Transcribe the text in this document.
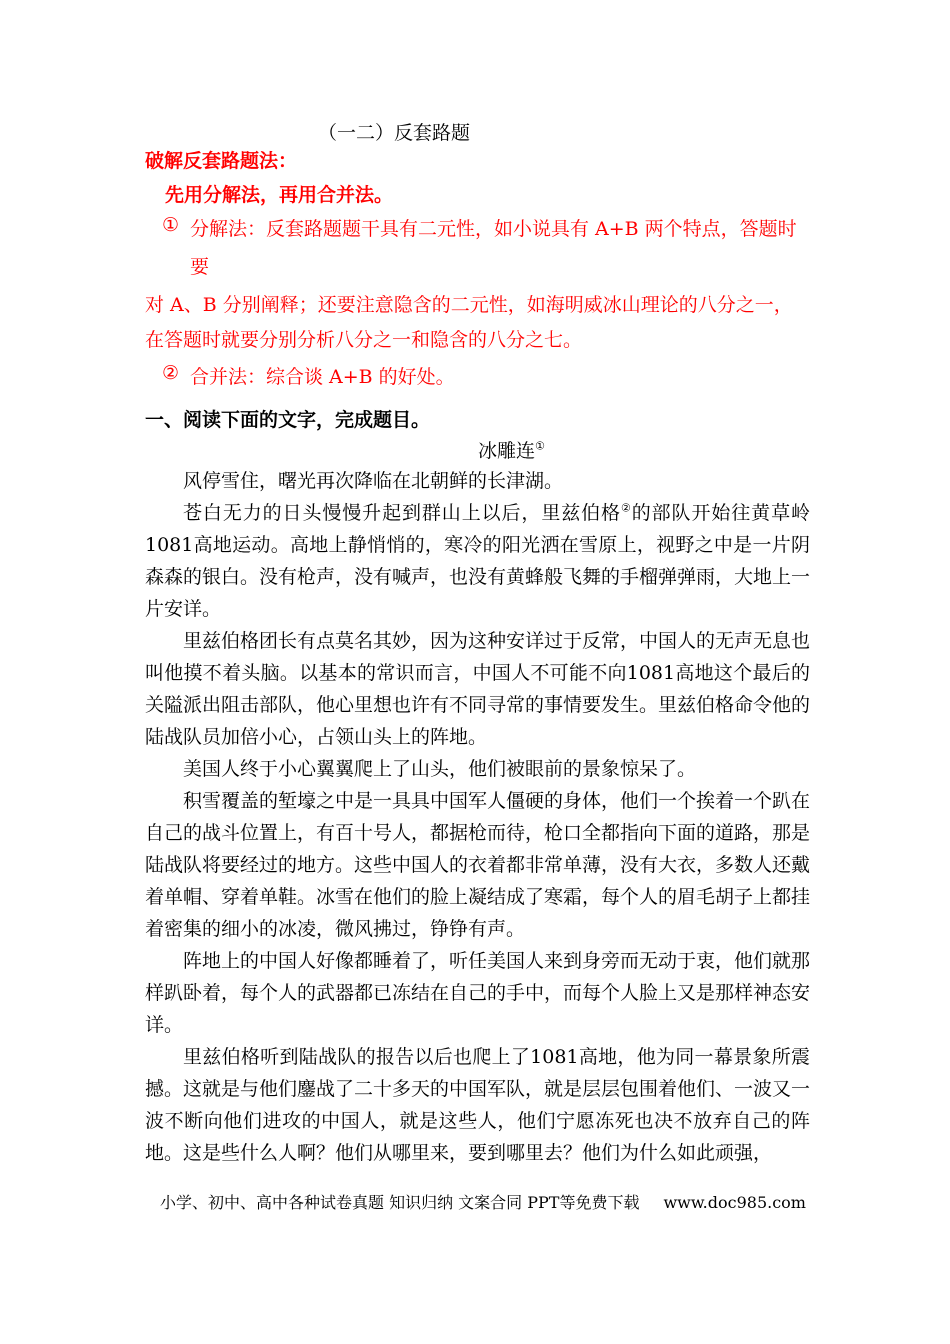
（一二）反套路题
破解反套路题法：
先用分解法，再用合并法。
① 分解法：反套路题题干具有二元性，如小说具有 A+B 两个特点，答题时
要
对 A、B 分别阐释；还要注意隐含的二元性，如海明威冰山理论的八分之一，
在答题时就要分别分析八分之一和隐含的八分之七。
② 合并法：综合谈 A+B 的好处。
一、阅读下面的文字，完成题目。
冰雕连①

风停雪住，曙光再次降临在北朝鲜的长津湖。

苍白无力的日头慢慢升起到群山上以后，里兹伯格②的部队开始往黄草岭1081高地运动。高地上静悄悄的，寒冷的阳光洒在雪原上，视野之中是一片阴森森的银白。没有枪声，没有喊声，也没有黄蜂般飞舞的手榴弹弹雨，大地上一片安详。

里兹伯格团长有点莫名其妙，因为这种安详过于反常，中国人的无声无息也叫他摸不着头脑。以基本的常识而言，中国人不可能不向1081高地这个最后的关隘派出阻击部队，他心里想也许有不同寻常的事情要发生。里兹伯格命令他的陆战队员加倍小心，占领山头上的阵地。

美国人终于小心翼翼爬上了山头，他们被眼前的景象惊呆了。

积雪覆盖的堑壕之中是一具具中国军人僵硬的身体，他们一个挨着一个趴在自己的战斗位置上，有百十号人，都据枪而待，枪口全都指向下面的道路，那是陆战队将要经过的地方。这些中国人的衣着都非常单薄，没有大衣，多数人还戴着单帽、穿着单鞋。冰雪在他们的脸上凝结成了寒霜，每个人的眉毛胡子上都挂着密集的细小的冰凌，微风拂过，铮铮有声。

阵地上的中国人好像都睡着了，听任美国人来到身旁而无动于衷，他们就那样趴卧着，每个人的武器都已冻结在自己的手中，而每个人脸上又是那样神态安详。

里兹伯格听到陆战队的报告以后也爬上了1081高地，他为同一幕景象所震撼。这就是与他们鏖战了二十多天的中国军队，就是层层包围着他们、一波又一波不断向他们进攻的中国人，就是这些人，他们宁愿冻死也决不放弃自己的阵地。这是些什么人啊？他们从哪里来，要到哪里去？他们为什么如此顽强，

小学、初中、高中各种试卷真题 知识归纳 文案合同 PPT等免费下载 www.doc985.com
